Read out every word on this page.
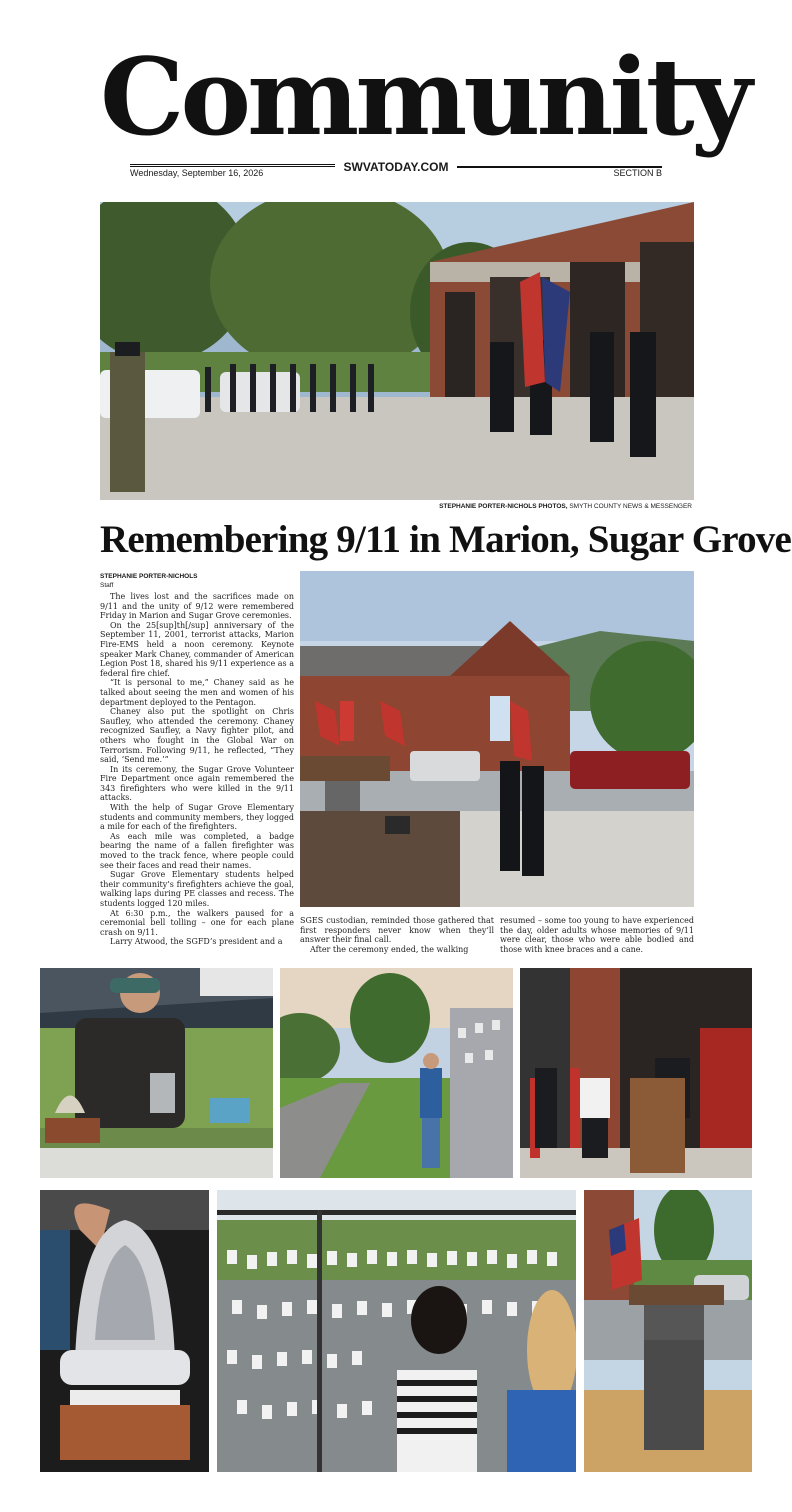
Community
Wednesday, September 16, 2026	SWVATODAY.COM	SECTION B
STEPHANIE PORTER-NICHOLS PHOTOS, SMYTH COUNTY NEWS & MESSENGER
Remembering 9/11 in Marion, Sugar Grove
STEPHANIE PORTER-NICHOLS
Staff

The lives lost and the sacrifices made on 9/11 and the unity of 9/12 were remembered Friday in Marion and Sugar Grove ceremonies.

On the 25[sup]th[/sup] anniversary of the September 11, 2001, terrorist attacks, Marion Fire-EMS held a noon ceremony. Keynote speaker Mark Chaney, commander of American Legion Post 18, shared his 9/11 experience as a federal fire chief.

“It is personal to me,” Chaney said as he talked about seeing the men and women of his department deployed to the Pentagon.

Chaney also put the spotlight on Chris Saufley, who attended the ceremony. Chaney recognized Saufley, a Navy fighter pilot, and others who fought in the Global War on Terrorism. Following 9/11, he reflected, “They said, ‘Send me.’”

In its ceremony, the Sugar Grove Volunteer Fire Department once again remembered the 343 firefighters who were killed in the 9/11 attacks.

With the help of Sugar Grove Elementary students and community members, they logged a mile for each of the firefighters.

As each mile was completed, a badge bearing the name of a fallen firefighter was moved to the track fence, where people could see their faces and read their names.

Sugar Grove Elementary students helped their community’s firefighters achieve the goal, walking laps during PE classes and recess. The students logged 120 miles.

At 6:30 p.m., the walkers paused for a ceremonial bell tolling – one for each plane crash on 9/11.

Larry Atwood, the SGFD’s president and a

SGES custodian, reminded those gathered that first responders never know when they’ll answer their final call.

After the ceremony ended, the walking

resumed – some too young to have experienced the day, older adults whose memories of 9/11 were clear, those who were able bodied and those with knee braces and a cane.
